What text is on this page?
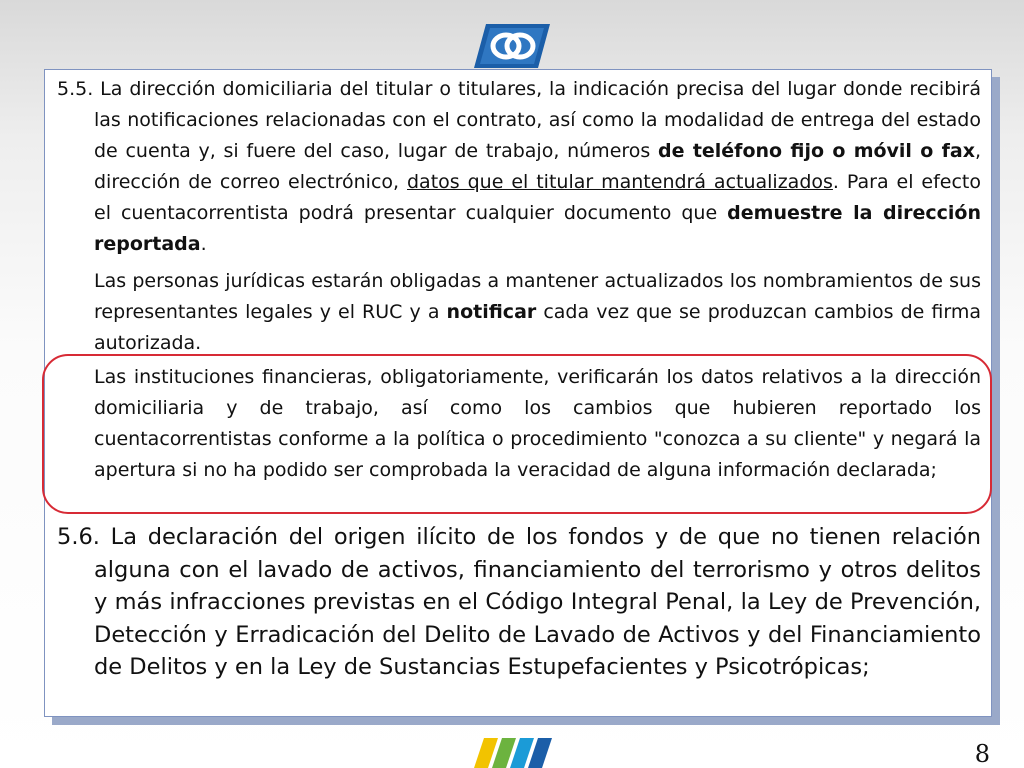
5.5. La dirección domiciliaria del titular o titulares, la indicación precisa del lugar donde recibirá las notificaciones relacionadas con el contrato, así como la modalidad de entrega del estado de cuenta y, si fuere del caso, lugar de trabajo, números de teléfono fijo o móvil o fax, dirección de correo electrónico, datos que el titular mantendrá actualizados. Para el efecto el cuentacorrentista podrá presentar cualquier documento que demuestre la dirección reportada.

Las personas jurídicas estarán obligadas a mantener actualizados los nombramientos de sus representantes legales y el RUC y a notificar cada vez que se produzcan cambios de firma autorizada.

Las instituciones financieras, obligatoriamente, verificarán los datos relativos a la dirección domiciliaria y de trabajo, así como los cambios que hubieren reportado los cuentacorrentistas conforme a la política o procedimiento "conozca a su cliente" y negará la apertura si no ha podido ser comprobada la veracidad de alguna información declarada;

5.6. La declaración del origen ilícito de los fondos y de que no tienen relación alguna con el lavado de activos, financiamiento del terrorismo y otros delitos y más infracciones previstas en el Código Integral Penal, la Ley de Prevención, Detección y Erradicación del Delito de Lavado de Activos y del Financiamiento de Delitos y en la Ley de Sustancias Estupefacientes y Psicotrópicas;

8
